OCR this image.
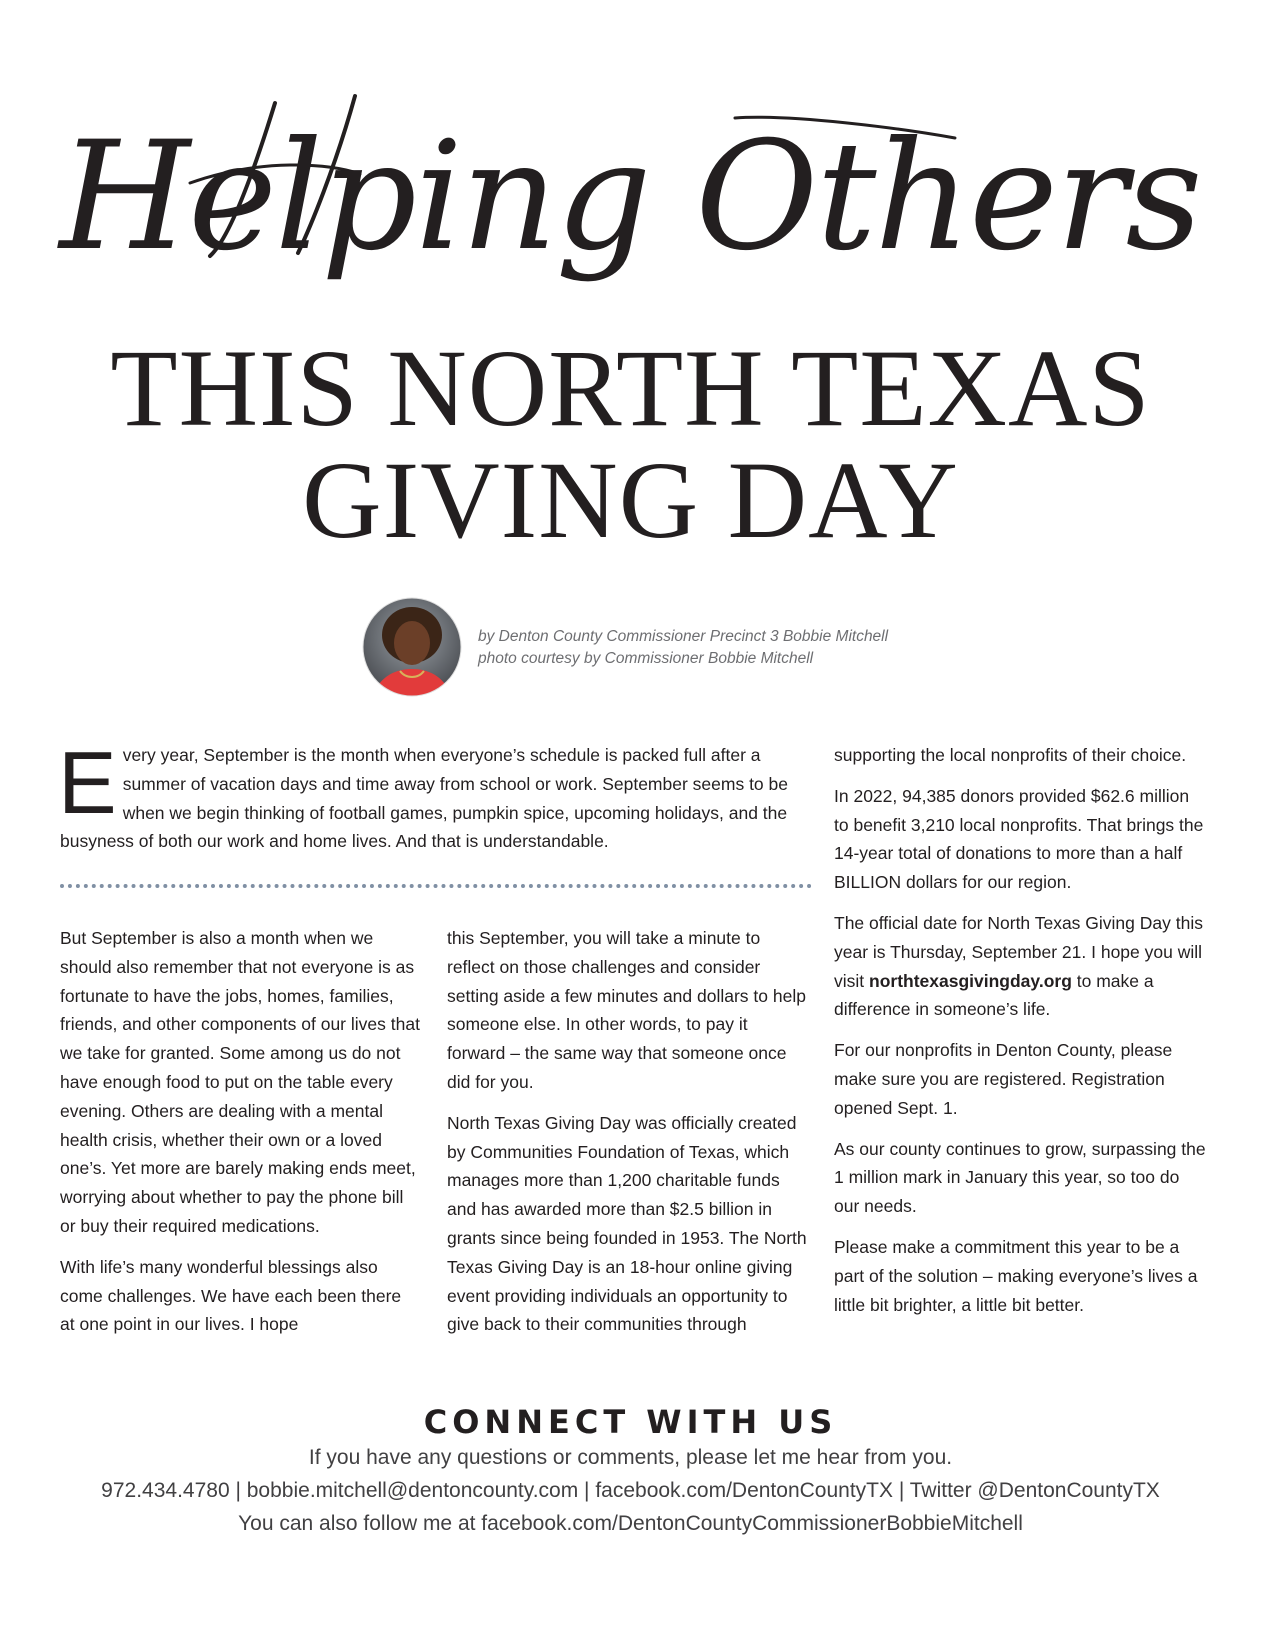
Helping Others
THIS NORTH TEXAS
GIVING DAY
by Denton County Commissioner Precinct 3 Bobbie Mitchell
photo courtesy by Commissioner Bobbie Mitchell
Every year, September is the month when everyone’s schedule is packed full after a summer of vacation days and time away from school or work. September seems to be when we begin thinking of football games, pumpkin spice, upcoming holidays, and the busyness of both our work and home lives. And that is understandable.

But September is also a month when we should also remember that not everyone is as fortunate to have the jobs, homes, families, friends, and other components of our lives that we take for granted. Some among us do not have enough food to put on the table every evening. Others are dealing with a mental health crisis, whether their own or a loved one’s. Yet more are barely making ends meet, worrying about whether to pay the phone bill or buy their required medications.

With life’s many wonderful blessings also come challenges. We have each been there at one point in our lives. I hope

this September, you will take a minute to reflect on those challenges and consider setting aside a few minutes and dollars to help someone else. In other words, to pay it forward – the same way that someone once did for you.

North Texas Giving Day was officially created by Communities Foundation of Texas, which manages more than 1,200 charitable funds and has awarded more than $2.5 billion in grants since being founded in 1953. The North Texas Giving Day is an 18-hour online giving event providing individuals an opportunity to give back to their communities through

supporting the local nonprofits of their choice.

In 2022, 94,385 donors provided $62.6 million to benefit 3,210 local nonprofits. That brings the 14-year total of donations to more than a half BILLION dollars for our region.

The official date for North Texas Giving Day this year is Thursday, September 21. I hope you will visit northtexasgivingday.org to make a difference in someone’s life.

For our nonprofits in Denton County, please make sure you are registered. Registration opened Sept. 1.

As our county continues to grow, surpassing the 1 million mark in January this year, so too do our needs.

Please make a commitment this year to be a part of the solution – making everyone’s lives a little bit brighter, a little bit better.

CONNECT WITH US
If you have any questions or comments, please let me hear from you.
972.434.4780 | bobbie.mitchell@dentoncounty.com | facebook.com/DentonCountyTX | Twitter @DentonCountyTX
You can also follow me at facebook.com/DentonCountyCommissionerBobbieMitchell
